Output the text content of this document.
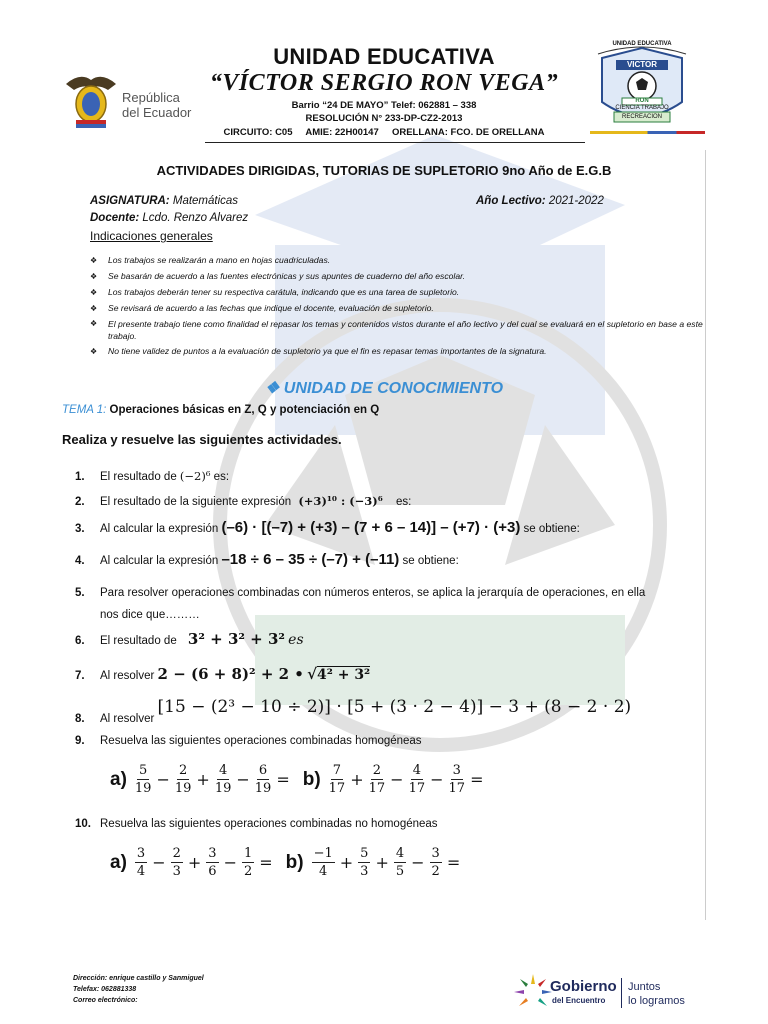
República
del Ecuador
UNIDAD EDUCATIVA
VICTOR
RON
CIENCIA TRABAJO
RECREACION
UNIDAD EDUCATIVA
“VÍCTOR SERGIO RON VEGA”
Barrio “24 DE MAYO” Telef: 062881 – 338
RESOLUCIÓN N° 233-DP-CZ2-2013
CIRCUITO: C05     AMIE: 22H00147     ORELLANA: FCO. DE ORELLANA
ACTIVIDADES DIRIGIDAS, TUTORIAS DE SUPLETORIO 9no Año de E.G.B
ASIGNATURA: Matemáticas
Docente: Lcdo. Renzo Alvarez
Año Lectivo: 2021-2022
Indicaciones generales
❖ Los trabajos se realizarán a mano en hojas cuadriculadas.
❖ Se basarán de acuerdo a las fuentes electrónicas y sus apuntes de cuaderno del año escolar.
❖ Los trabajos deberán tener su respectiva carátula, indicando que es una tarea de supletorio.
❖ Se revisará de acuerdo a las fechas que indique el docente, evaluación de supletorio.
❖	El presente trabajo tiene como finalidad el repasar los temas y contenidos vistos durante el año lectivo y del cual se evaluará en el supletorio en base a este trabajo.
❖ No tiene validez de puntos a la evaluación de supletorio ya que el fin es repasar temas importantes de la signatura.
❖ UNIDAD DE CONOCIMIENTO
TEMA 1: Operaciones básicas en Z, Q y potenciación en Q
Realiza y resuelve las siguientes actividades.
1. El resultado de (−2)⁶ es:
2. El resultado de la siguiente expresión (+𝟑)¹⁰ : (−𝟑)⁶ es:
3. Al calcular la expresión (–6) · [(–7) + (+3) – (7 + 6 – 14)] – (+7) · (+3) se obtiene:
4. Al calcular la expresión –18 ÷ 6 – 35 ÷ (–7) + (–11) se obtiene:
5. Para resolver operaciones combinadas con números enteros, se aplica la jerarquía de operaciones, en ella
nos dice que………
6. El resultado de 3² + 3² + 3² es
7. Al resolver 2 − (6 + 8)² + 2 • √4² + 3²
8. Al resolver [15 − (2³ − 10 ÷ 2)] · [5 + (3 · 2 − 4)] − 3 + (8 − 2 · 2)
9. Resuelva las siguientes operaciones combinadas homogéneas
$a) \frac{5}{19} - \frac{2}{19} + \frac{4}{19} - \frac{6}{19} = b) \frac{7}{17} + \frac{2}{17} - \frac{4}{17} - \frac{3}{17}$ =
10. Resuelva las siguientes operaciones combinadas no homogéneas
$a) \frac{3}{4} - \frac{2}{3} + \frac{3}{6} - \frac{1}{2} = b) \frac{-1}{4} + \frac{5}{3} + \frac{4}{5} - \frac{3}{2}$ =
Dirección: enrique castillo y Sanmiguel
Telefax: 062881338
Correo electrónico:
Gobierno
del Encuentro
Juntos
lo logramos
